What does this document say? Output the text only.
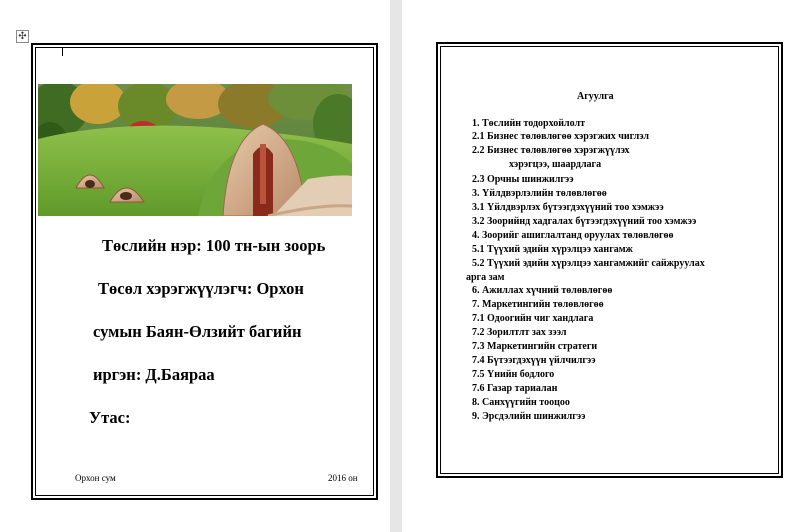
✣
Төслийн нэр: 100 тн-ын зоорь
Төсөл хэрэгжүүлэгч: Орхон
сумын Баян-Өлзийт багийн
иргэн: Д.Баяраа
Утас:
Орхон сум	2016 он
Агуулга
1. Төслийн тодорхойлолт
2.1 Бизнес төлөвлөгөө хэрэгжих чиглэл
2.2 Бизнес төлөвлөгөө хэрэгжүүлэх
хэрэгцээ, шаардлага
2.3 Орчны шинжилгээ
3. Үйлдвэрлэлийн төлөвлөгөө
3.1 Үйлдвэрлэх бүтээгдэхүүний тоо хэмжээ
3.2 Зоорийнд хадгалах бүтээгдэхүүний тоо хэмжээ
4. Зоорийг ашиглалтанд оруулах төлөвлөгөө
5.1 Түүхий эдийн хүрэлцээ хангамж
5.2 Түүхий эдийн хүрэлцээ хангамжийг сайжруулах
арга зам
6. Ажиллах хүчний төлөвлөгөө
7. Маркетингийн төлөвлөгөө
7.1 Одоогийн чиг хандлага
7.2 Зорилтлт зах зээл
7.3 Маркетингийн стратеги
7.4 Бүтээгдэхүүн үйлчилгээ
7.5 Үнийн бодлого
7.6 Газар тариалан
8. Санхүүгийн тооцоо
9. Эрсдэлийн шинжилгээ
